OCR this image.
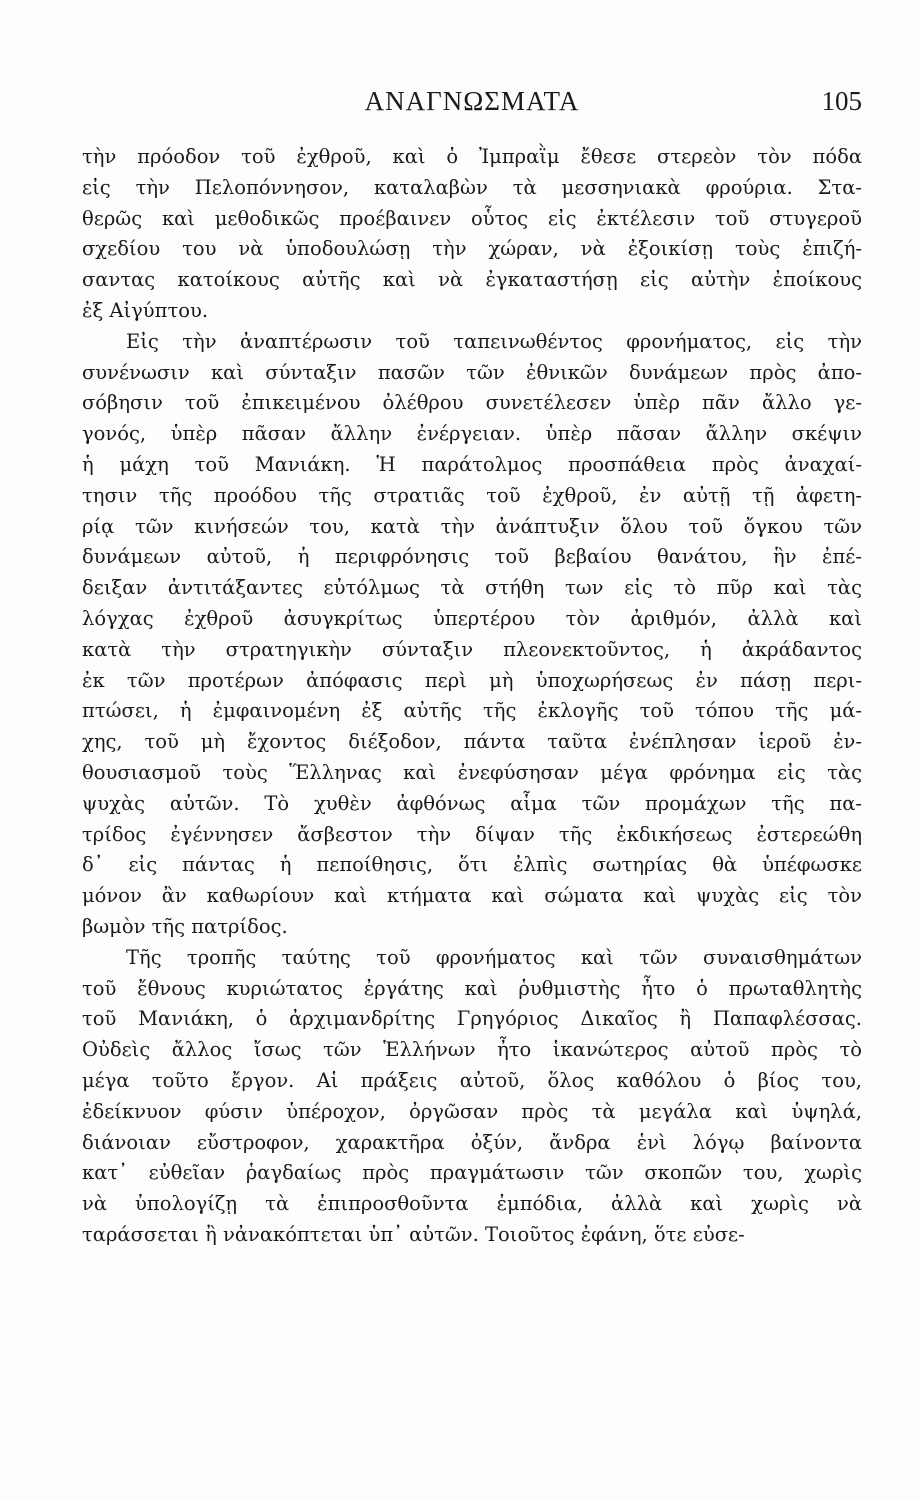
ΑΝΑΓΝΩΣΜΑΤΑ	105
τὴν πρόοδον τοῦ ἐχθροῦ, καὶ ὁ Ἰμπραῒμ ἔθεσε στερεὸν τὸν πόδα
εἰς τὴν Πελοπόννησον, καταλαβὼν τὰ μεσσηνιακὰ φρούρια. Στα-
θερῶς καὶ μεθοδικῶς προέβαινεν οὗτος εἰς ἐκτέλεσιν τοῦ στυγεροῦ
σχεδίου του νὰ ὑποδουλώσῃ τὴν χώραν, νὰ ἐξοικίσῃ τοὺς ἐπιζή-
σαντας κατοίκους αὐτῆς καὶ νὰ ἐγκαταστήσῃ εἰς αὐτὴν ἐποίκους
ἐξ Αἰγύπτου.
Εἰς τὴν ἀναπτέρωσιν τοῦ ταπεινωθέντος φρονήματος, εἰς τὴν
συνένωσιν καὶ σύνταξιν πασῶν τῶν ἐθνικῶν δυνάμεων πρὸς ἀπο-
σόβησιν τοῦ ἐπικειμένου ὀλέθρου συνετέλεσεν ὑπὲρ πᾶν ἄλλο γε-
γονός, ὑπὲρ πᾶσαν ἄλλην ἐνέργειαν. ὑπὲρ πᾶσαν ἄλλην σκέψιν
ἡ μάχη τοῦ Μανιάκη. Ἡ παράτολμος προσπάθεια πρὸς ἀναχαί-
τησιν τῆς προόδου τῆς στρατιᾶς τοῦ ἐχθροῦ, ἐν αὐτῇ τῇ ἀφετη-
ρίᾳ τῶν κινήσεών του, κατὰ τὴν ἀνάπτυξιν ὅλου τοῦ ὄγκου τῶν
δυνάμεων αὐτοῦ, ἡ περιφρόνησις τοῦ βεβαίου θανάτου, ἣν ἐπέ-
δειξαν ἀντιτάξαντες εὐτόλμως τὰ στήθη των εἰς τὸ πῦρ καὶ τὰς
λόγχας ἐχθροῦ ἀσυγκρίτως ὑπερτέρου τὸν ἀριθμόν, ἀλλὰ καὶ
κατὰ τὴν στρατηγικὴν σύνταξιν πλεονεκτοῦντος, ἡ ἀκράδαντος
ἐκ τῶν προτέρων ἀπόφασις περὶ μὴ ὑποχωρήσεως ἐν πάσῃ περι-
πτώσει, ἡ ἐμφαινομένη ἐξ αὐτῆς τῆς ἐκλογῆς τοῦ τόπου τῆς μά-
χης, τοῦ μὴ ἔχοντος διέξοδον, πάντα ταῦτα ἐνέπλησαν ἱεροῦ ἐν-
θουσιασμοῦ τοὺς Ἕλληνας καὶ ἐνεφύσησαν μέγα φρόνημα εἰς τὰς
ψυχὰς αὐτῶν. Τὸ χυθὲν ἀφθόνως αἷμα τῶν προμάχων τῆς πα-
τρίδος ἐγέννησεν ἄσβεστον τὴν δίψαν τῆς ἐκδικήσεως ἐστερεώθη
δ᾽ εἰς πάντας ἡ πεποίθησις, ὅτι ἐλπὶς σωτηρίας θὰ ὑπέφωσκε
μόνον ἂν καθωρίουν καὶ κτήματα καὶ σώματα καὶ ψυχὰς εἰς τὸν
βωμὸν τῆς πατρίδος.
Τῆς τροπῆς ταύτης τοῦ φρονήματος καὶ τῶν συναισθημάτων
τοῦ ἔθνους κυριώτατος ἐργάτης καὶ ῥυθμιστὴς ἦτο ὁ πρωταθλητὴς
τοῦ Μανιάκη, ὁ ἀρχιμανδρίτης Γρηγόριος Δικαῖος ἢ Παπαφλέσσας.
Οὐδεὶς ἄλλος ἴσως τῶν Ἑλλήνων ἦτο ἱκανώτερος αὐτοῦ πρὸς τὸ
μέγα τοῦτο ἔργον. Αἱ πράξεις αὐτοῦ, ὅλος καθόλου ὁ βίος του,
ἐδείκνυον φύσιν ὑπέροχον, ὀργῶσαν πρὸς τὰ μεγάλα καὶ ὑψηλά,
διάνοιαν εὔστροφον, χαρακτῆρα ὀξύν, ἄνδρα ἑνὶ λόγῳ βαίνοντα
κατ᾽ εὐθεῖαν ῥαγδαίως πρὸς πραγμάτωσιν τῶν σκοπῶν του, χωρὶς
νὰ ὑπολογίζῃ τὰ ἐπιπροσθοῦντα ἐμπόδια, ἀλλὰ καὶ χωρὶς νὰ
ταράσσεται ἢ νἀνακόπτεται ὑπ᾽ αὐτῶν. Τοιοῦτος ἐφάνη, ὅτε εὐσε-
